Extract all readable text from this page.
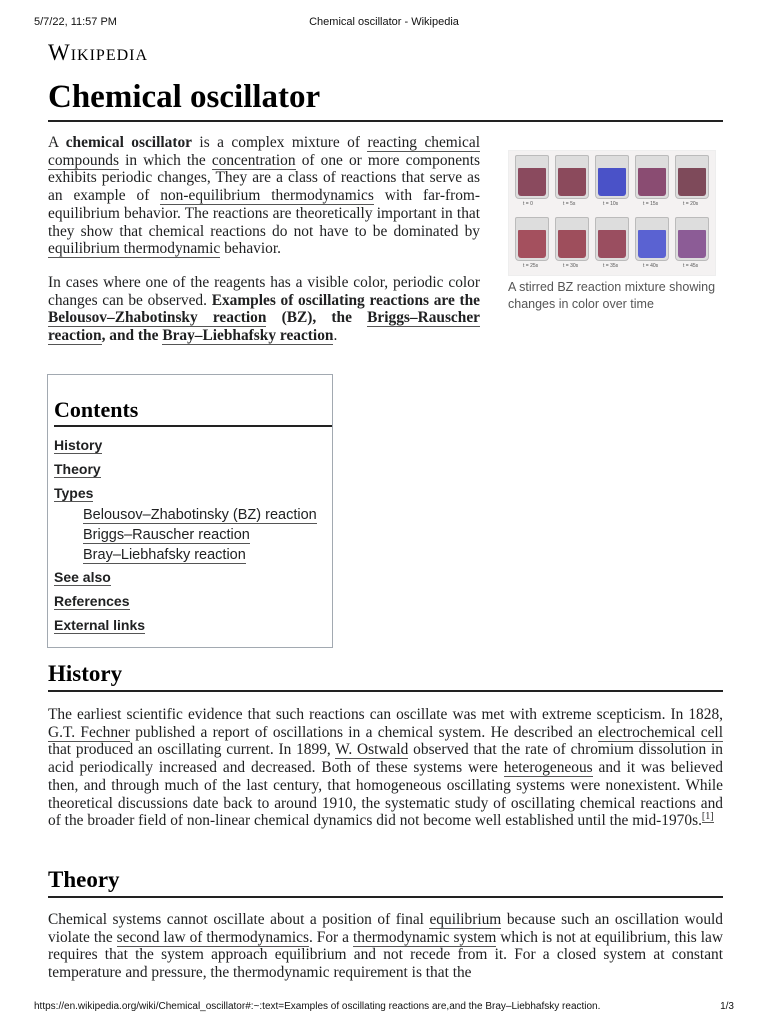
5/7/22, 11:57 PM	Chemical oscillator - Wikipedia
Wikipedia
Chemical oscillator

A chemical oscillator is a complex mixture of reacting chemical compounds in which the concentration of one or more components exhibits periodic changes, They are a class of reactions that serve as an example of non-equilibrium thermodynamics with far-from-equilibrium behavior. The reactions are theoretically important in that they show that chemical reactions do not have to be dominated by equilibrium thermodynamic behavior.

In cases where one of the reagents has a visible color, periodic color changes can be observed. Examples of oscillating reactions are the Belousov–Zhabotinsky reaction (BZ), the Briggs–Rauscher reaction, and the Bray–Liebhafsky reaction.

t = 0	t = 5s	t = 10s	t = 15s	t = 20s
t = 25s	t = 30s	t = 35s	t = 40s	t = 45s
A stirred BZ reaction mixture showing changes in color over time
Contents
History
Theory
Types
Belousov–Zhabotinsky (BZ) reaction
Briggs–Rauscher reaction
Bray–Liebhafsky reaction
See also
References
External links
History

The earliest scientific evidence that such reactions can oscillate was met with extreme scepticism. In 1828, G.T. Fechner published a report of oscillations in a chemical system. He described an electrochemical cell that produced an oscillating current. In 1899, W. Ostwald observed that the rate of chromium dissolution in acid periodically increased and decreased. Both of these systems were heterogeneous and it was believed then, and through much of the last century, that homogeneous oscillating systems were nonexistent. While theoretical discussions date back to around 1910, the systematic study of oscillating chemical reactions and of the broader field of non-linear chemical dynamics did not become well established until the mid-1970s.[1]

Theory

Chemical systems cannot oscillate about a position of final equilibrium because such an oscillation would violate the second law of thermodynamics. For a thermodynamic system which is not at equilibrium, this law requires that the system approach equilibrium and not recede from it. For a closed system at constant temperature and pressure, the thermodynamic requirement is that the

https://en.wikipedia.org/wiki/Chemical_oscillator#:~:text=Examples of oscillating reactions are,and the Bray–Liebhafsky reaction.	1/3
